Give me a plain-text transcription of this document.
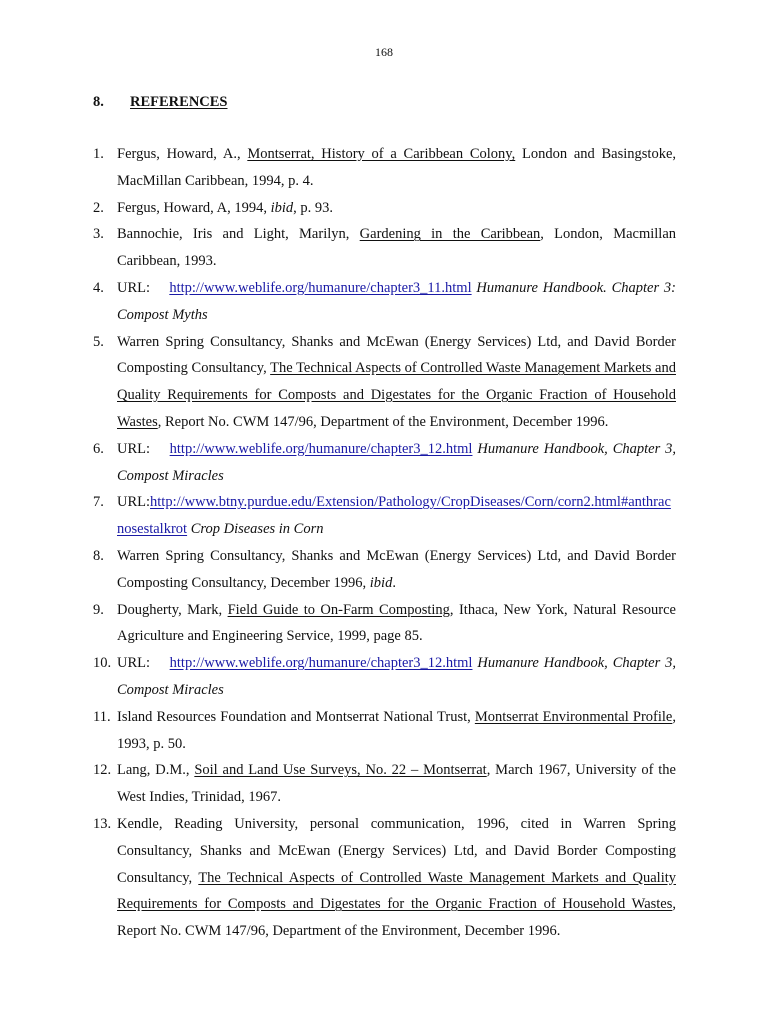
168
8. REFERENCES
1. Fergus, Howard, A., Montserrat, History of a Caribbean Colony, London and Basingstoke, MacMillan Caribbean, 1994, p. 4.
2. Fergus, Howard, A, 1994, ibid, p. 93.
3. Bannochie, Iris and Light, Marilyn, Gardening in the Caribbean, London, Macmillan Caribbean, 1993.
4. URL:    http://www.weblife.org/humanure/chapter3_11.html Humanure Handbook. Chapter 3: Compost Myths
5. Warren Spring Consultancy, Shanks and McEwan (Energy Services) Ltd, and David Border Composting Consultancy, The Technical Aspects of Controlled Waste Management Markets and Quality Requirements for Composts and Digestates for the Organic Fraction of Household Wastes, Report No. CWM 147/96, Department of the Environment, December 1996.
6. URL:    http://www.weblife.org/humanure/chapter3_12.html Humanure Handbook, Chapter 3, Compost Miracles
7. URL:http://www.btny.purdue.edu/Extension/Pathology/CropDiseases/Corn/corn2.html#anthracnosestalkrot Crop Diseases in Corn
8. Warren Spring Consultancy, Shanks and McEwan (Energy Services) Ltd, and David Border Composting Consultancy, December 1996, ibid.
9. Dougherty, Mark, Field Guide to On-Farm Composting, Ithaca, New York, Natural Resource Agriculture and Engineering Service, 1999, page 85.
10. URL:    http://www.weblife.org/humanure/chapter3_12.html Humanure Handbook, Chapter 3, Compost Miracles
11. Island Resources Foundation and Montserrat National Trust, Montserrat Environmental Profile, 1993, p. 50.
12. Lang, D.M., Soil and Land Use Surveys, No. 22 – Montserrat, March 1967, University of the West Indies, Trinidad, 1967.
13. Kendle, Reading University, personal communication, 1996, cited in Warren Spring Consultancy, Shanks and McEwan (Energy Services) Ltd, and David Border Composting Consultancy, The Technical Aspects of Controlled Waste Management Markets and Quality Requirements for Composts and Digestates for the Organic Fraction of Household Wastes, Report No. CWM 147/96, Department of the Environment, December 1996.
